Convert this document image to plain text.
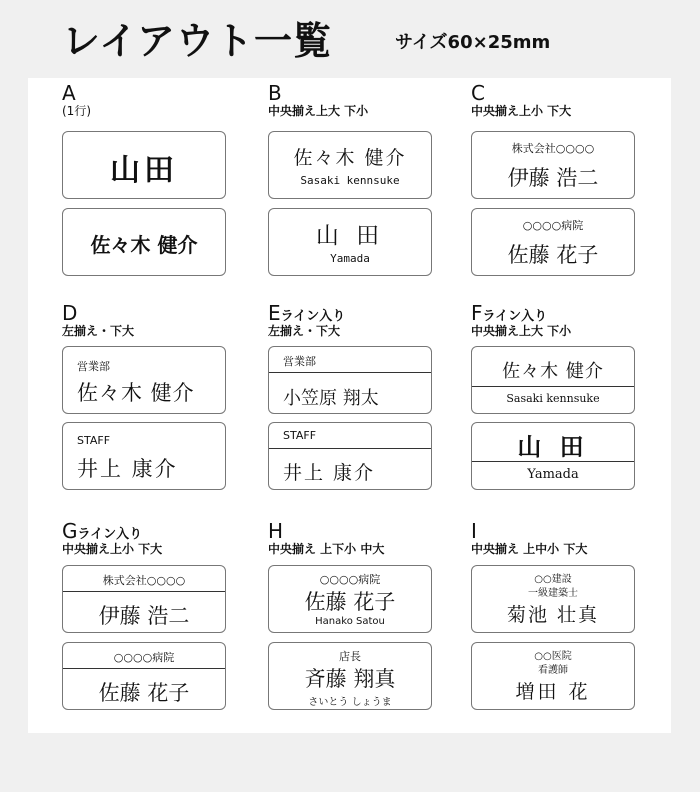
レイアウト一覧	サイズ60×25mm
A
(1行)
山田
佐々木 健介
B
中央揃え上大 下小
佐々木 健介
Sasaki kennsuke
山 田
Yamada
C
中央揃え上小 下大
株式会社○○○○
伊藤 浩二
○○○○病院
佐藤 花子
D
左揃え・下大
営業部
佐々木 健介
STAFF
井上 康介
Eライン入り
左揃え・下大
営業部
小笠原 翔太
STAFF
井上 康介
Fライン入り
中央揃え上大 下小
佐々木 健介
Sasaki kennsuke
山 田
Yamada
Gライン入り
中央揃え上小 下大
株式会社○○○○
伊藤 浩二
○○○○病院
佐藤 花子
H
中央揃え 上下小 中大
○○○○病院
佐藤 花子
Hanako Satou
店長
斉藤 翔真
さいとう しょうま
I
中央揃え 上中小 下大
○○建設
一級建築士
菊池 壮真
○○医院
看護師
増田 花
